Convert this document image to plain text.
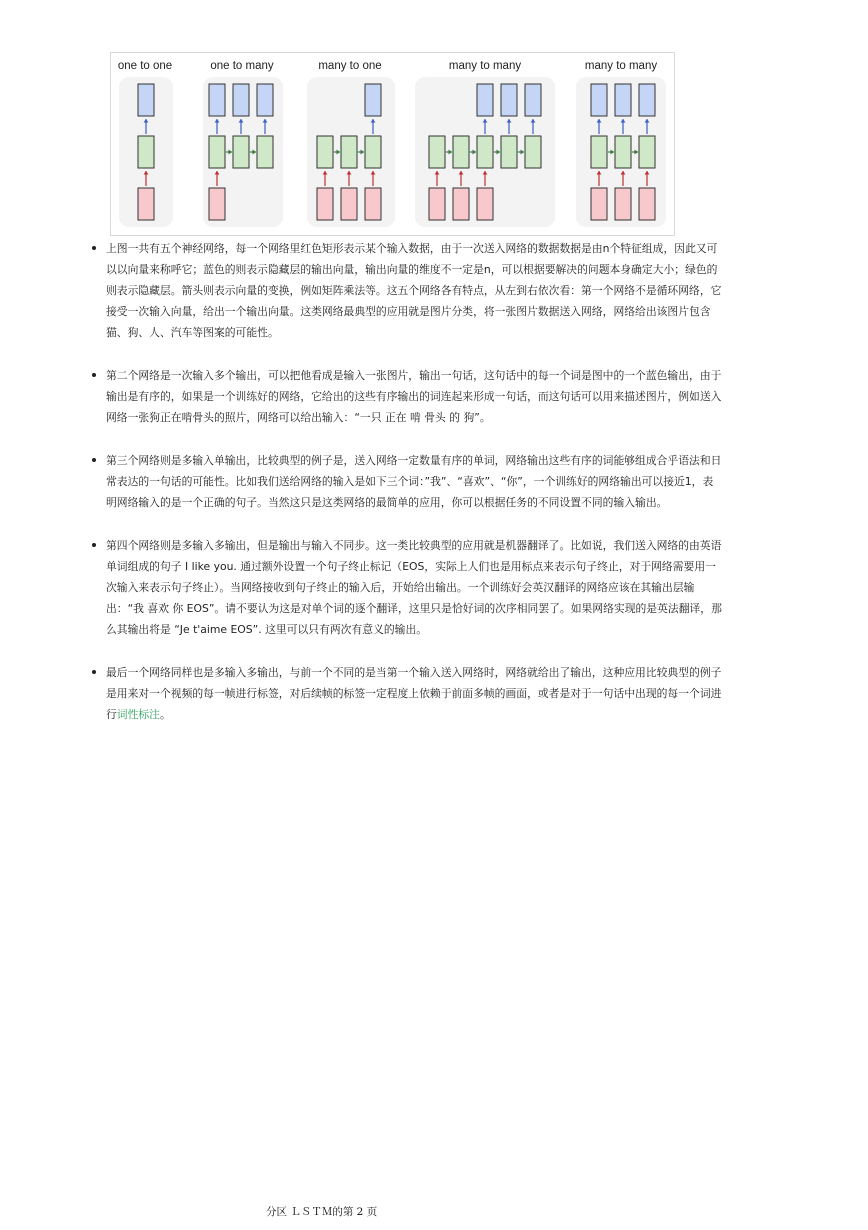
one to one	one to many	many to one	many to many	many to many
上图一共有五个神经网络，每一个网络里红色矩形表示某个输入数据，由于一次送入网络的数据数据是由n个特征组成，因此又可以以向量来称呼它；蓝色的则表示隐藏层的输出向量，输出向量的维度不一定是n，可以根据要解决的问题本身确定大小；绿色的则表示隐藏层。箭头则表示向量的变换，例如矩阵乘法等。这五个网络各有特点，从左到右依次看：第一个网络不是循环网络，它接受一次输入向量，给出一个输出向量。这类网络最典型的应用就是图片分类，将一张图片数据送入网络，网络给出该图片包含猫、狗、人、汽车等图案的可能性。
第二个网络是一次输入多个输出，可以把他看成是输入一张图片，输出一句话，这句话中的每一个词是图中的一个蓝色输出，由于输出是有序的，如果是一个训练好的网络，它给出的这些有序输出的词连起来形成一句话，而这句话可以用来描述图片，例如送入网络一张狗正在啃骨头的照片，网络可以给出输入：“一只 正在 啃 骨头 的 狗”。
第三个网络则是多输入单输出，比较典型的例子是，送入网络一定数量有序的单词，网络输出这些有序的词能够组成合乎语法和日常表达的一句话的可能性。比如我们送给网络的输入是如下三个词：”我”、“喜欢”、“你”，一个训练好的网络输出可以接近1，表明网络输入的是一个正确的句子。当然这只是这类网络的最简单的应用，你可以根据任务的不同设置不同的输入输出。
第四个网络则是多输入多输出，但是输出与输入不同步。这一类比较典型的应用就是机器翻译了。比如说，我们送入网络的由英语单词组成的句子 I like you. 通过额外设置一个句子终止标记（EOS，实际上人们也是用标点来表示句子终止，对于网络需要用一次输入来表示句子终止）。当网络接收到句子终止的输入后，开始给出输出。一个训练好会英汉翻译的网络应该在其输出层输出：“我 喜欢 你 EOS”。请不要认为这是对单个词的逐个翻译，这里只是恰好词的次序相同罢了。如果网络实现的是英法翻译，那么其输出将是 “Je t'aime EOS”. 这里可以只有两次有意义的输出。
最后一个网络同样也是多输入多输出，与前一个不同的是当第一个输入送入网络时，网络就给出了输出，这种应用比较典型的例子是用来对一个视频的每一帧进行标签，对后续帧的标签一定程度上依赖于前面多帧的画面，或者是对于一句话中出现的每一个词进行词性标注。
分区 ＬＳＴＭ的第 2 页
